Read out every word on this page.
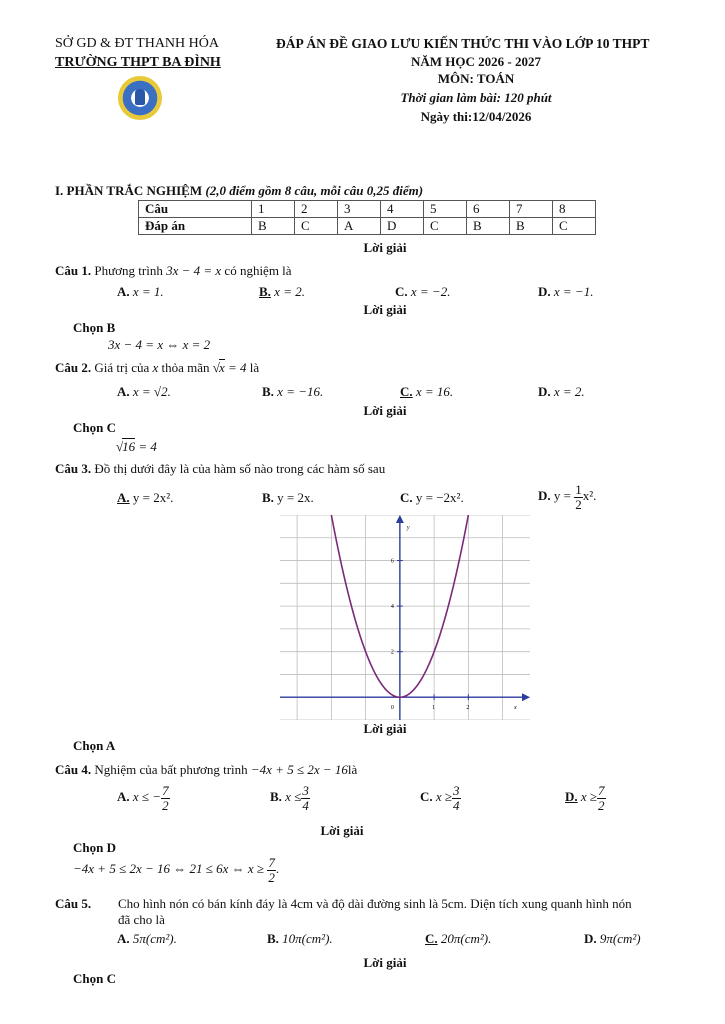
SỞ GD & ĐT THANH HÓA
TRƯỜNG THPT BA ĐÌNH
ĐÁP ÁN ĐỀ GIAO LƯU KIẾN THỨC THI VÀO LỚP 10 THPT
NĂM HỌC 2026 - 2027
MÔN: TOÁN
Thời gian làm bài: 120 phút
Ngày thi:12/04/2026
I. PHẦN TRẮC NGHIỆM (2,0 điểm gồm 8 câu, mỗi câu 0,25 điểm)
Câu	1	2	3	4	5	6	7	8
Đáp án	B	C	A	D	C	B	B	C
Lời giải
Câu 1. Phương trình 3x − 4 = x có nghiệm là
A. x = 1.	B. x = 2.	C. x = −2.	D. x = −1.
Lời giải
Chọn B
3x − 4 = x ⇔ x = 2
Câu 2. Giá trị của x thỏa mãn √x = 4 là
A. x = √2.	B. x = −16.	C. x = 16.	D. x = 2.
Lời giải
Chọn C
√16 = 4
Câu 3. Đồ thị dưới đây là của hàm số nào trong các hàm số sau
A. y = 2x².	B. y = 2x.	C. y = −2x².	D. $y = \frac{1}{2} x^2$.
1	2
2
4
6
0	x
y
Lời giải
Chọn A
Câu 4. Nghiệm của bất phương trình −4x + 5 ≤ 2x − 16là
A. x ≤ − $\frac{7}{2}$	B. $x \le \frac{3}{4}$	C. $x \ge \frac{3}{4}$	D. $x \ge \frac{7}{2}$
Lời giải
Chọn D
−4x + 5 ≤ 2x − 16 ⇔ 21 ≤ 6x ⇔ $x \ge \frac{7}{2}$ .
Câu 5. Cho hình nón có bán kính đáy là 4cm và độ dài đường sinh là 5cm. Diện tích xung quanh hình nón
đã cho là
A. 5π(cm²).	B. 10π(cm²).	C. 20π(cm²).	D. 9π(cm²)
Lời giải
Chọn C
